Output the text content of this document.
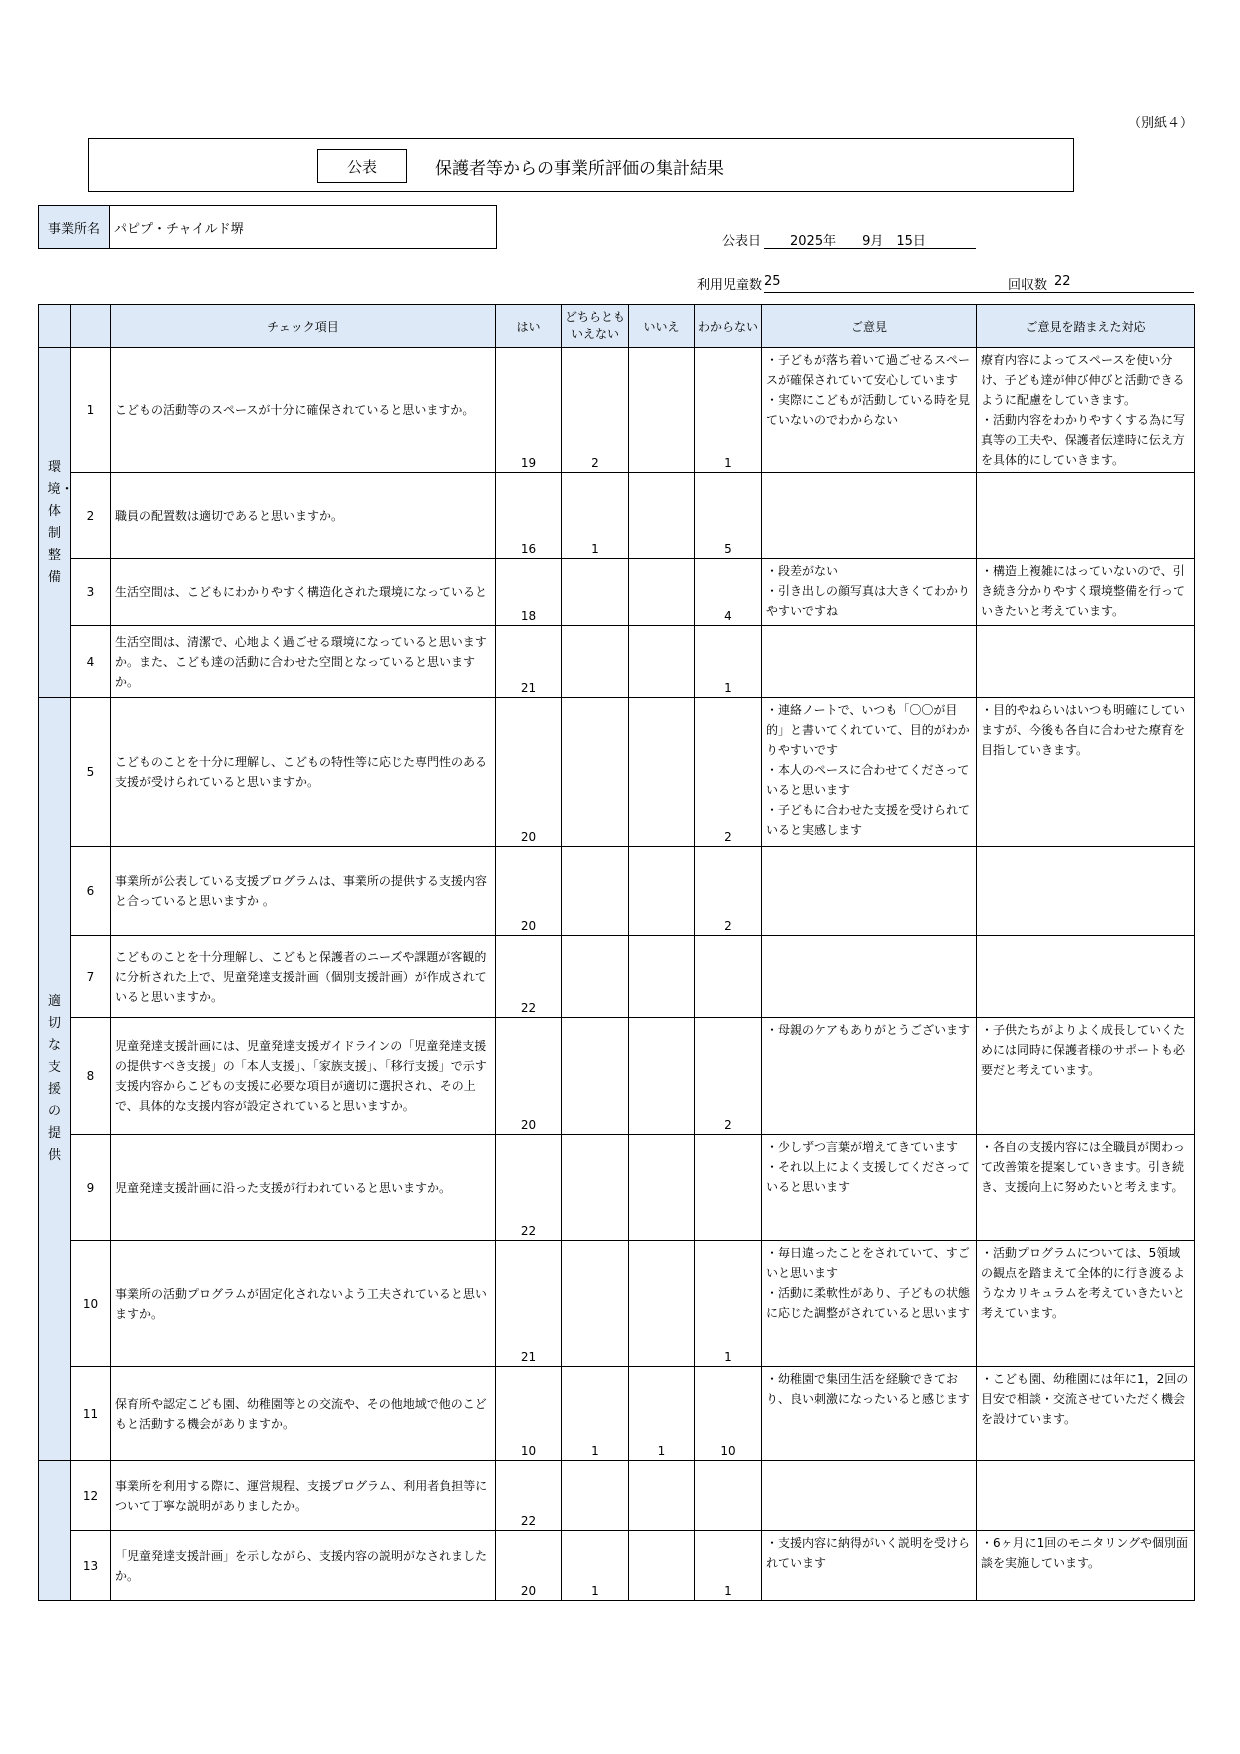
（別紙４）
公表	保護者等からの事業所評価の集計結果
事業所名	パピプ・チャイルド堺
公表日 2025年　　9月　15日
利用児童数 25	回収数 22
		チェック項目	はい	どちらとも
いえない	いいえ	わからない	ご意見	ご意見を踏まえた対応
環境・体制整備	1	こどもの活動等のスペースが十分に確保されていると思いますか。	19	2		1	・子どもが落ち着いて過ごせるスペースが確保されていて安心しています
・実際にこどもが活動している時を見ていないのでわからない	療育内容によってスペースを使い分け、子ども達が伸び伸びと活動できるように配慮をしていきます。
・活動内容をわかりやすくする為に写真等の工夫や、保護者伝達時に伝え方を具体的にしていきます。
	2	職員の配置数は適切であると思いますか。	16	1		5		
	3	生活空間は、こどもにわかりやすく構造化された環境になっていると	18			4	・段差がない
・引き出しの顔写真は大きくてわかりやすいですね	・構造上複雑にはっていないので、引き続き分かりやすく環境整備を行っていきたいと考えています。
	4	生活空間は、清潔で、心地よく過ごせる環境になっていると思いますか。また、こども達の活動に合わせた空間となっていると思いますか。	21			1		
適切な支援の提供	5	こどものことを十分に理解し、こどもの特性等に応じた専門性のある支援が受けられていると思いますか。	20			2	・連絡ノートで、いつも「〇〇が目的」と書いてくれていて、目的がわかりやすいです
・本人のペースに合わせてくださっていると思います
・子どもに合わせた支援を受けられていると実感します	・目的やねらいはいつも明確にしていますが、今後も各自に合わせた療育を目指していきます。
	6	事業所が公表している支援プログラムは、事業所の提供する支援内容と合っていると思いますか 。	20			2		
	7	こどものことを十分理解し、こどもと保護者のニーズや課題が客観的に分析された上で、児童発達支援計画（個別支援計画）が作成されていると思いますか。	22					
	8	児童発達支援計画には、児童発達支援ガイドラインの「児童発達支援の提供すべき支援」の「本人支援」、「家族支援」、「移行支援」で示す支援内容からこどもの支援に必要な項目が適切に選択され、その上で、具体的な支援内容が設定されていると思いますか。	20			2	・母親のケアもありがとうございます	・子供たちがよりよく成長していくためには同時に保護者様のサポートも必要だと考えています。
	9	児童発達支援計画に沿った支援が行われていると思いますか。	22				・少しずつ言葉が増えてきています
・それ以上によく支援してくださっていると思います	・各自の支援内容には全職員が関わって改善策を提案していきます。引き続き、支援向上に努めたいと考えます。
	10	事業所の活動プログラムが固定化されないよう工夫されていると思いますか。	21			1	・毎日違ったことをされていて、すごいと思います
・活動に柔軟性があり、子どもの状態に応じた調整がされていると思います	・活動プログラムについては、5領域の観点を踏まえて全体的に行き渡るようなカリキュラムを考えていきたいと考えています。
	11	保育所や認定こども園、幼稚園等との交流や、その他地域で他のこどもと活動する機会がありますか。	10	1	1	10	・幼稚園で集団生活を経験できており、良い刺激になったいると感じます	・こども園、幼稚園には年に1，2回の目安で相談・交流させていただく機会を設けています。
	12	事業所を利用する際に、運営規程、支援プログラム、利用者負担等について丁寧な説明がありましたか。	22					
	13	「児童発達支援計画」を示しながら、支援内容の説明がなされましたか。	20	1		1	・支援内容に納得がいく説明を受けられています	・6ヶ月に1回のモニタリングや個別面談を実施しています。
